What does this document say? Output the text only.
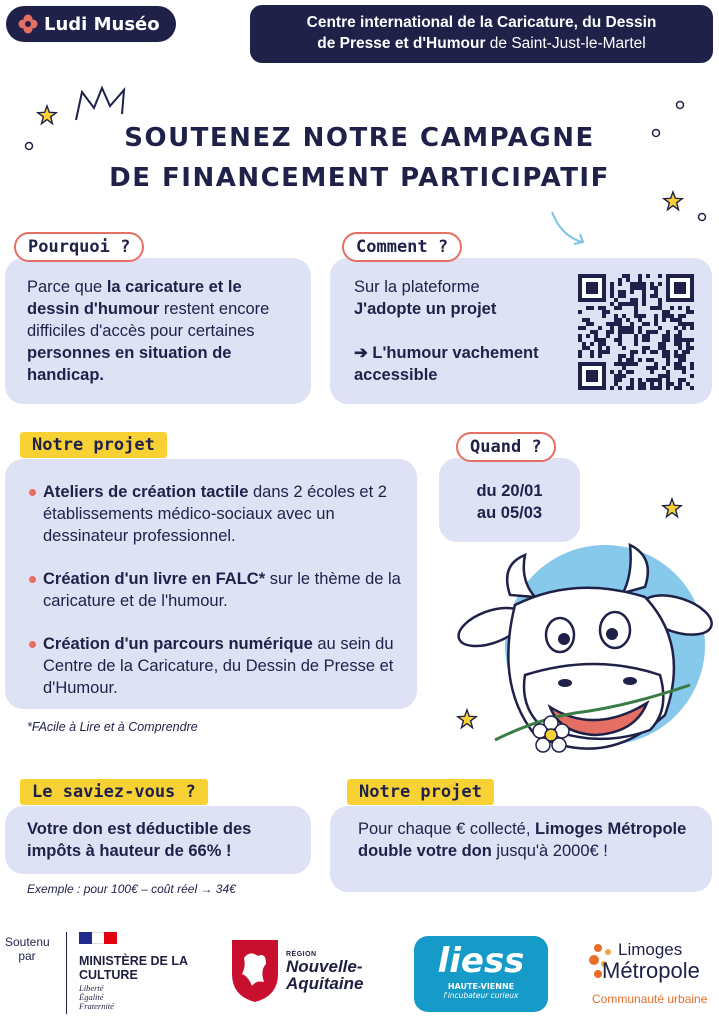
Ludi Muséo	Centre international de la Caricature, du Dessin
de Presse et d'Humour de Saint-Just-le-Martel
SOUTENEZ NOTRE CAMPAGNE
DE FINANCEMENT PARTICIPATIF
Parce que la caricature et le dessin d'humour restent encore difficiles d'accès pour certaines personnes en situation de handicap.
Pourquoi ?
Sur la plateforme
J'adopte un projet
➔ L'humour vachement accessible
Comment ?
Ateliers de création tactile dans 2 écoles et 2 établissements médico-sociaux avec un dessinateur professionnel.
Création d'un livre en FALC* sur le thème de la caricature et de l'humour.
Création d'un parcours numérique au sein du Centre de la Caricature, du Dessin de Presse et d'Humour.
Notre projet
*FAcile à Lire et à Comprendre
du 20/01
au 05/03
Quand ?
Votre don est déductible des impôts à hauteur de 66% !
Le saviez-vous ?
Exemple : pour 100€ – coût réel → 34€
Pour chaque € collecté, Limoges Métropole double votre don jusqu'à 2000€ !
Notre projet
Soutenu par	MINISTÈRE DE LA CULTURE
Liberté
Égalité
Fraternité
RÉGION
Nouvelle-
Aquitaine
liess
HAUTE-VIENNE
l'incubateur curieux
Limoges
Métropole
Communauté urbaine
